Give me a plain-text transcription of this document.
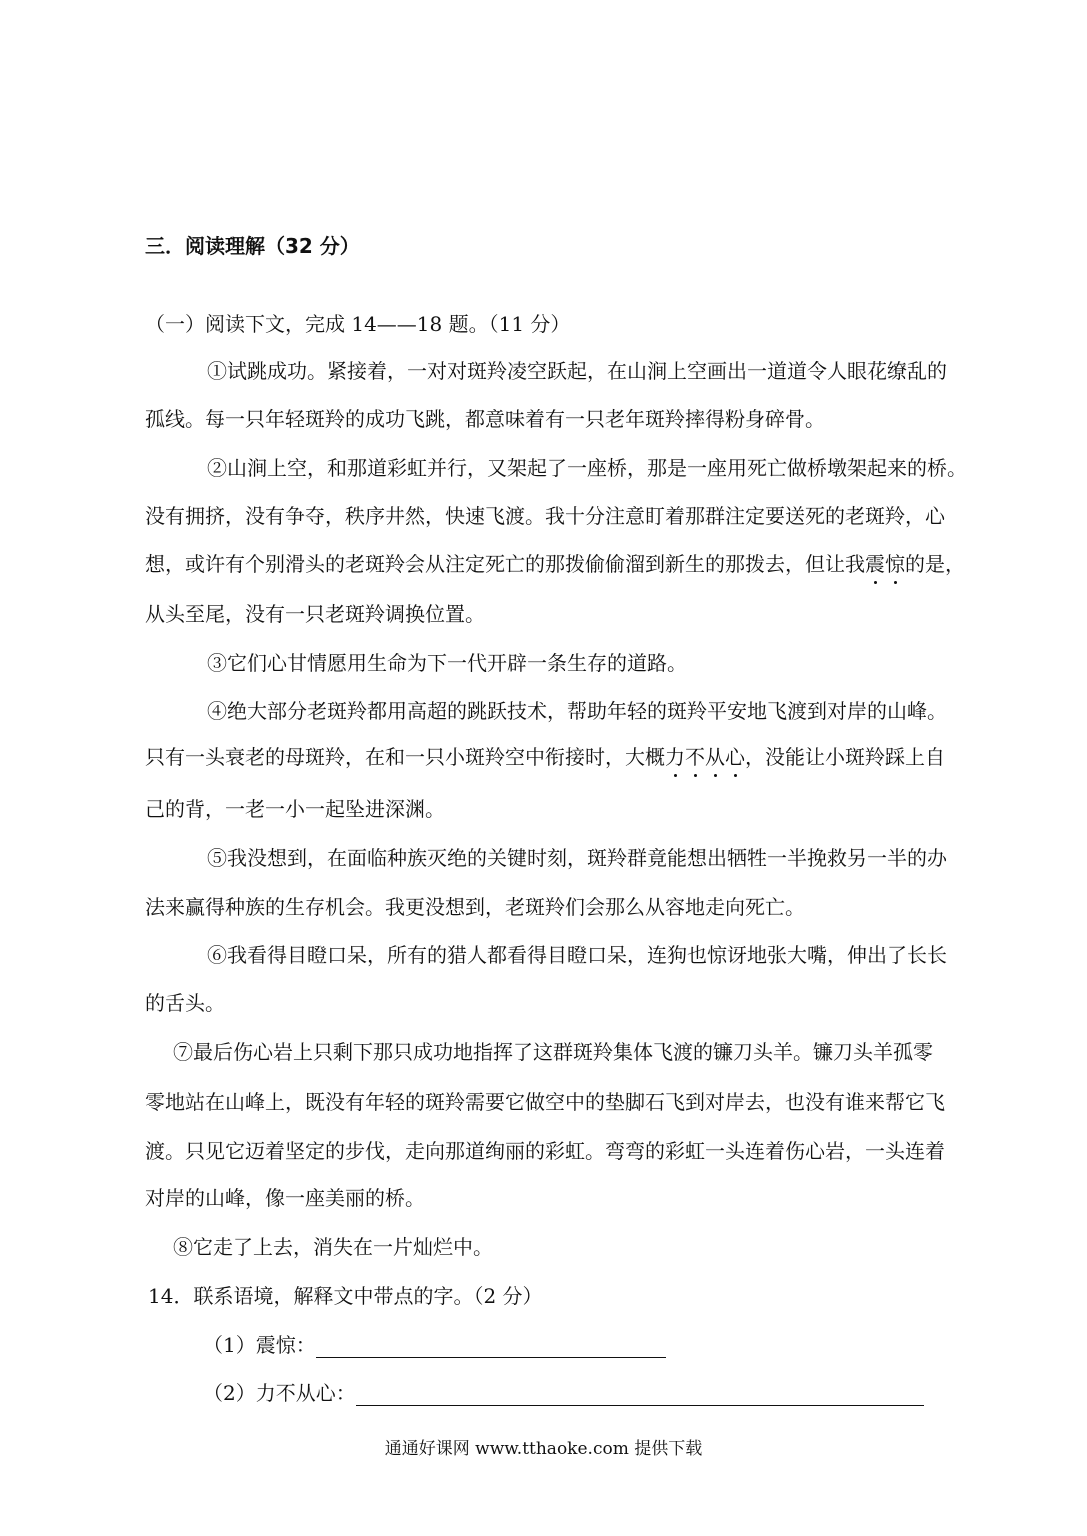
三．阅读理解（32 分）
（一）阅读下文，完成 14——18 题。（11 分）
①试跳成功。紧接着，一对对斑羚凌空跃起，在山涧上空画出一道道令人眼花缭乱的
孤线。每一只年轻斑羚的成功飞跳，都意味着有一只老年斑羚摔得粉身碎骨。
②山涧上空，和那道彩虹并行，又架起了一座桥，那是一座用死亡做桥墩架起来的桥。
没有拥挤，没有争夺，秩序井然，快速飞渡。我十分注意盯着那群注定要送死的老斑羚，心
想，或许有个别滑头的老斑羚会从注定死亡的那拨偷偷溜到新生的那拨去，但让我震惊的是，
从头至尾，没有一只老斑羚调换位置。
③它们心甘情愿用生命为下一代开辟一条生存的道路。
④绝大部分老斑羚都用高超的跳跃技术，帮助年轻的斑羚平安地飞渡到对岸的山峰。
只有一头衰老的母斑羚，在和一只小斑羚空中衔接时，大概力不从心，没能让小斑羚踩上自
己的背，一老一小一起坠进深渊。
⑤我没想到，在面临种族灭绝的关键时刻，斑羚群竟能想出牺牲一半挽救另一半的办
法来赢得种族的生存机会。我更没想到，老斑羚们会那么从容地走向死亡。
⑥我看得目瞪口呆，所有的猎人都看得目瞪口呆，连狗也惊讶地张大嘴，伸出了长长
的舌头。
⑦最后伤心岩上只剩下那只成功地指挥了这群斑羚集体飞渡的镰刀头羊。镰刀头羊孤零
零地站在山峰上，既没有年轻的斑羚需要它做空中的垫脚石飞到对岸去，也没有谁来帮它飞
渡。只见它迈着坚定的步伐，走向那道绚丽的彩虹。弯弯的彩虹一头连着伤心岩，一头连着
对岸的山峰，像一座美丽的桥。
⑧它走了上去，消失在一片灿烂中。
14．联系语境，解释文中带点的字。（2 分）
（1）震惊：
（2）力不从心：
通通好课网 www.tthaoke.com 提供下载
